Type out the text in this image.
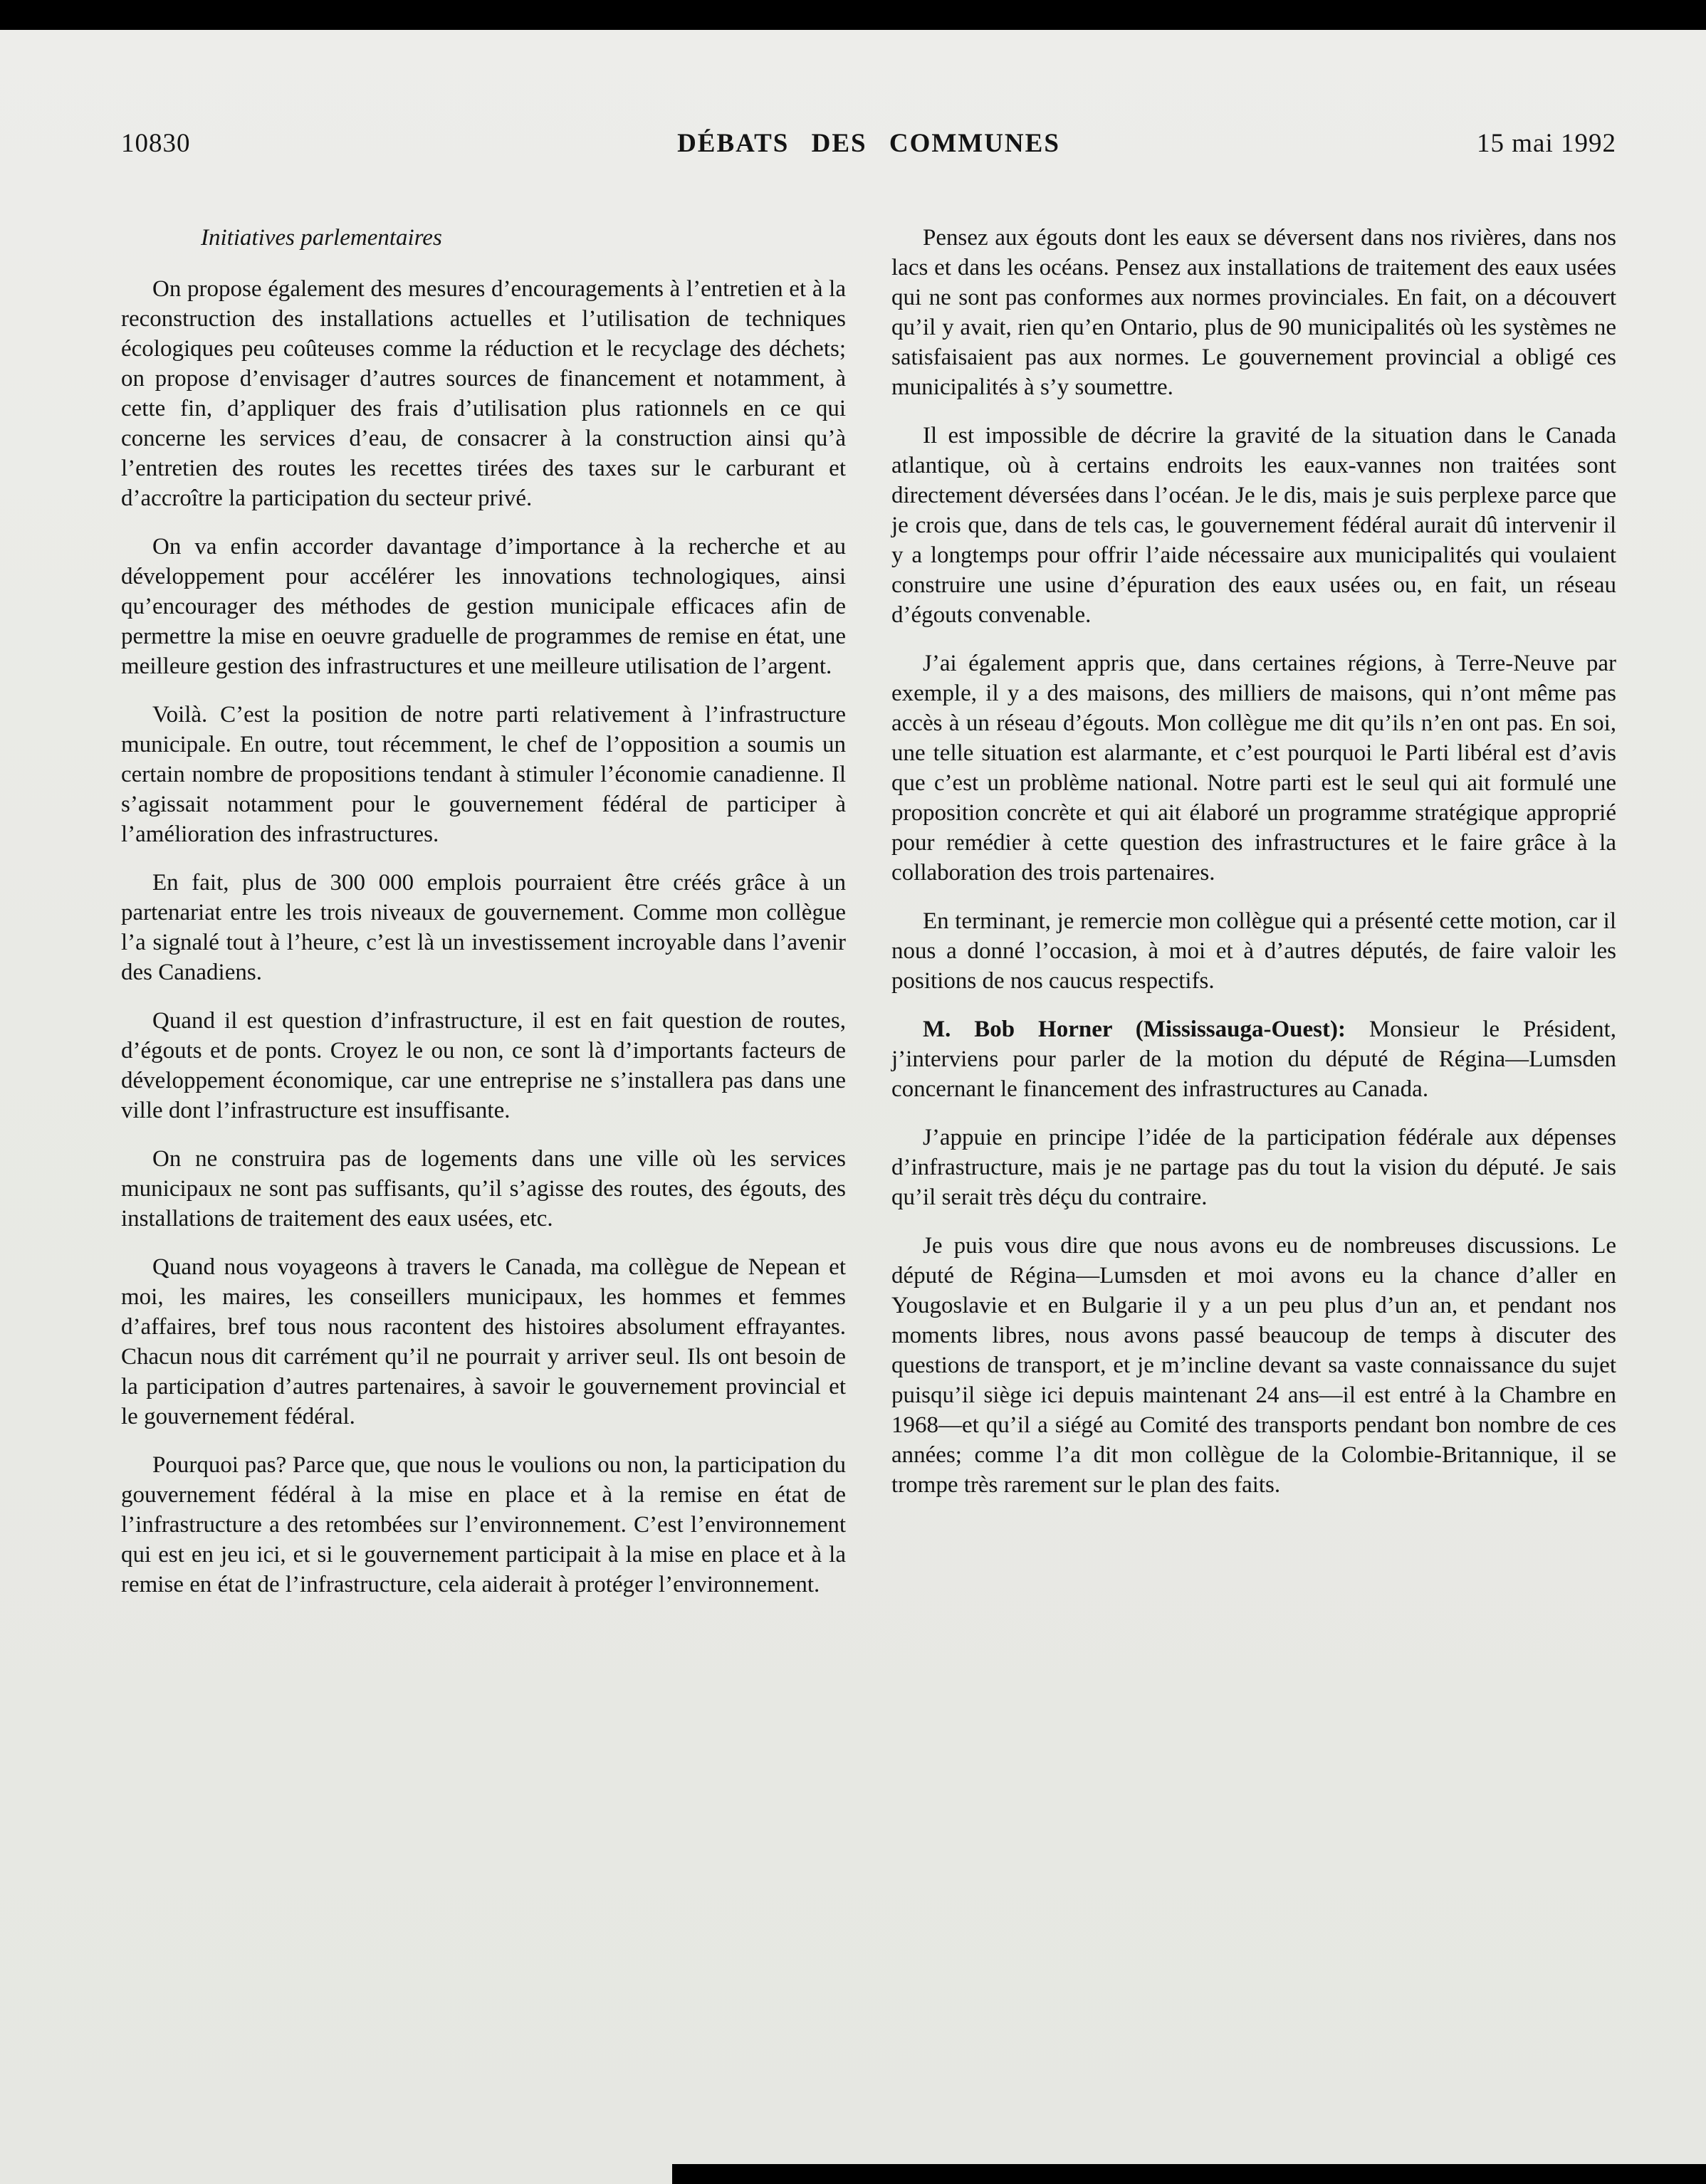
10830	DÉBATS DES COMMUNES	15 mai 1992
Initiatives parlementaires

On propose également des mesures d’encouragements à l’entretien et à la reconstruction des installations actuelles et l’utilisation de techniques écologiques peu coûteuses comme la réduction et le recyclage des déchets; on propose d’envisager d’autres sources de financement et notamment, à cette fin, d’appliquer des frais d’utilisation plus rationnels en ce qui concerne les services d’eau, de consacrer à la construction ainsi qu’à l’entretien des routes les recettes tirées des taxes sur le carburant et d’accroître la participation du secteur privé.

On va enfin accorder davantage d’importance à la recherche et au développement pour accélérer les innovations technologiques, ainsi qu’encourager des méthodes de gestion municipale efficaces afin de permettre la mise en oeuvre graduelle de programmes de remise en état, une meilleure gestion des infrastructures et une meilleure utilisation de l’argent.

Voilà. C’est la position de notre parti relativement à l’infrastructure municipale. En outre, tout récemment, le chef de l’opposition a soumis un certain nombre de propositions tendant à stimuler l’économie canadienne. Il s’agissait notamment pour le gouvernement fédéral de participer à l’amélioration des infrastructures.

En fait, plus de 300 000 emplois pourraient être créés grâce à un partenariat entre les trois niveaux de gouvernement. Comme mon collègue l’a signalé tout à l’heure, c’est là un investissement incroyable dans l’avenir des Canadiens.

Quand il est question d’infrastructure, il est en fait question de routes, d’égouts et de ponts. Croyez le ou non, ce sont là d’importants facteurs de développement économique, car une entreprise ne s’installera pas dans une ville dont l’infrastructure est insuffisante.

On ne construira pas de logements dans une ville où les services municipaux ne sont pas suffisants, qu’il s’agisse des routes, des égouts, des installations de traitement des eaux usées, etc.

Quand nous voyageons à travers le Canada, ma collègue de Nepean et moi, les maires, les conseillers municipaux, les hommes et femmes d’affaires, bref tous nous racontent des histoires absolument effrayantes. Chacun nous dit carrément qu’il ne pourrait y arriver seul. Ils ont besoin de la participation d’autres partenaires, à savoir le gouvernement provincial et le gouvernement fédéral.

Pourquoi pas? Parce que, que nous le voulions ou non, la participation du gouvernement fédéral à la mise en place et à la remise en état de l’infrastructure a des retombées sur l’environnement. C’est l’environnement qui est en jeu ici, et si le gouvernement participait à la mise en place et à la remise en état de l’infrastructure, cela aiderait à protéger l’environnement.

Pensez aux égouts dont les eaux se déversent dans nos rivières, dans nos lacs et dans les océans. Pensez aux installations de traitement des eaux usées qui ne sont pas conformes aux normes provinciales. En fait, on a découvert qu’il y avait, rien qu’en Ontario, plus de 90 municipalités où les systèmes ne satisfaisaient pas aux normes. Le gouvernement provincial a obligé ces municipalités à s’y soumettre.

Il est impossible de décrire la gravité de la situation dans le Canada atlantique, où à certains endroits les eaux-vannes non traitées sont directement déversées dans l’océan. Je le dis, mais je suis perplexe parce que je crois que, dans de tels cas, le gouvernement fédéral aurait dû intervenir il y a longtemps pour offrir l’aide nécessaire aux municipalités qui voulaient construire une usine d’épuration des eaux usées ou, en fait, un réseau d’égouts convenable.

J’ai également appris que, dans certaines régions, à Terre-Neuve par exemple, il y a des maisons, des milliers de maisons, qui n’ont même pas accès à un réseau d’égouts. Mon collègue me dit qu’ils n’en ont pas. En soi, une telle situation est alarmante, et c’est pourquoi le Parti libéral est d’avis que c’est un problème national. Notre parti est le seul qui ait formulé une proposition concrète et qui ait élaboré un programme stratégique approprié pour remédier à cette question des infrastructures et le faire grâce à la collaboration des trois partenaires.

En terminant, je remercie mon collègue qui a présenté cette motion, car il nous a donné l’occasion, à moi et à d’autres députés, de faire valoir les positions de nos caucus respectifs.

M. Bob Horner (Mississauga-Ouest): Monsieur le Président, j’interviens pour parler de la motion du député de Régina—Lumsden concernant le financement des infrastructures au Canada.

J’appuie en principe l’idée de la participation fédérale aux dépenses d’infrastructure, mais je ne partage pas du tout la vision du député. Je sais qu’il serait très déçu du contraire.

Je puis vous dire que nous avons eu de nombreuses discussions. Le député de Régina—Lumsden et moi avons eu la chance d’aller en Yougoslavie et en Bulgarie il y a un peu plus d’un an, et pendant nos moments libres, nous avons passé beaucoup de temps à discuter des questions de transport, et je m’incline devant sa vaste connaissance du sujet puisqu’il siège ici depuis maintenant 24 ans—il est entré à la Chambre en 1968—et qu’il a siégé au Comité des transports pendant bon nombre de ces années; comme l’a dit mon collègue de la Colombie-Britannique, il se trompe très rarement sur le plan des faits.
